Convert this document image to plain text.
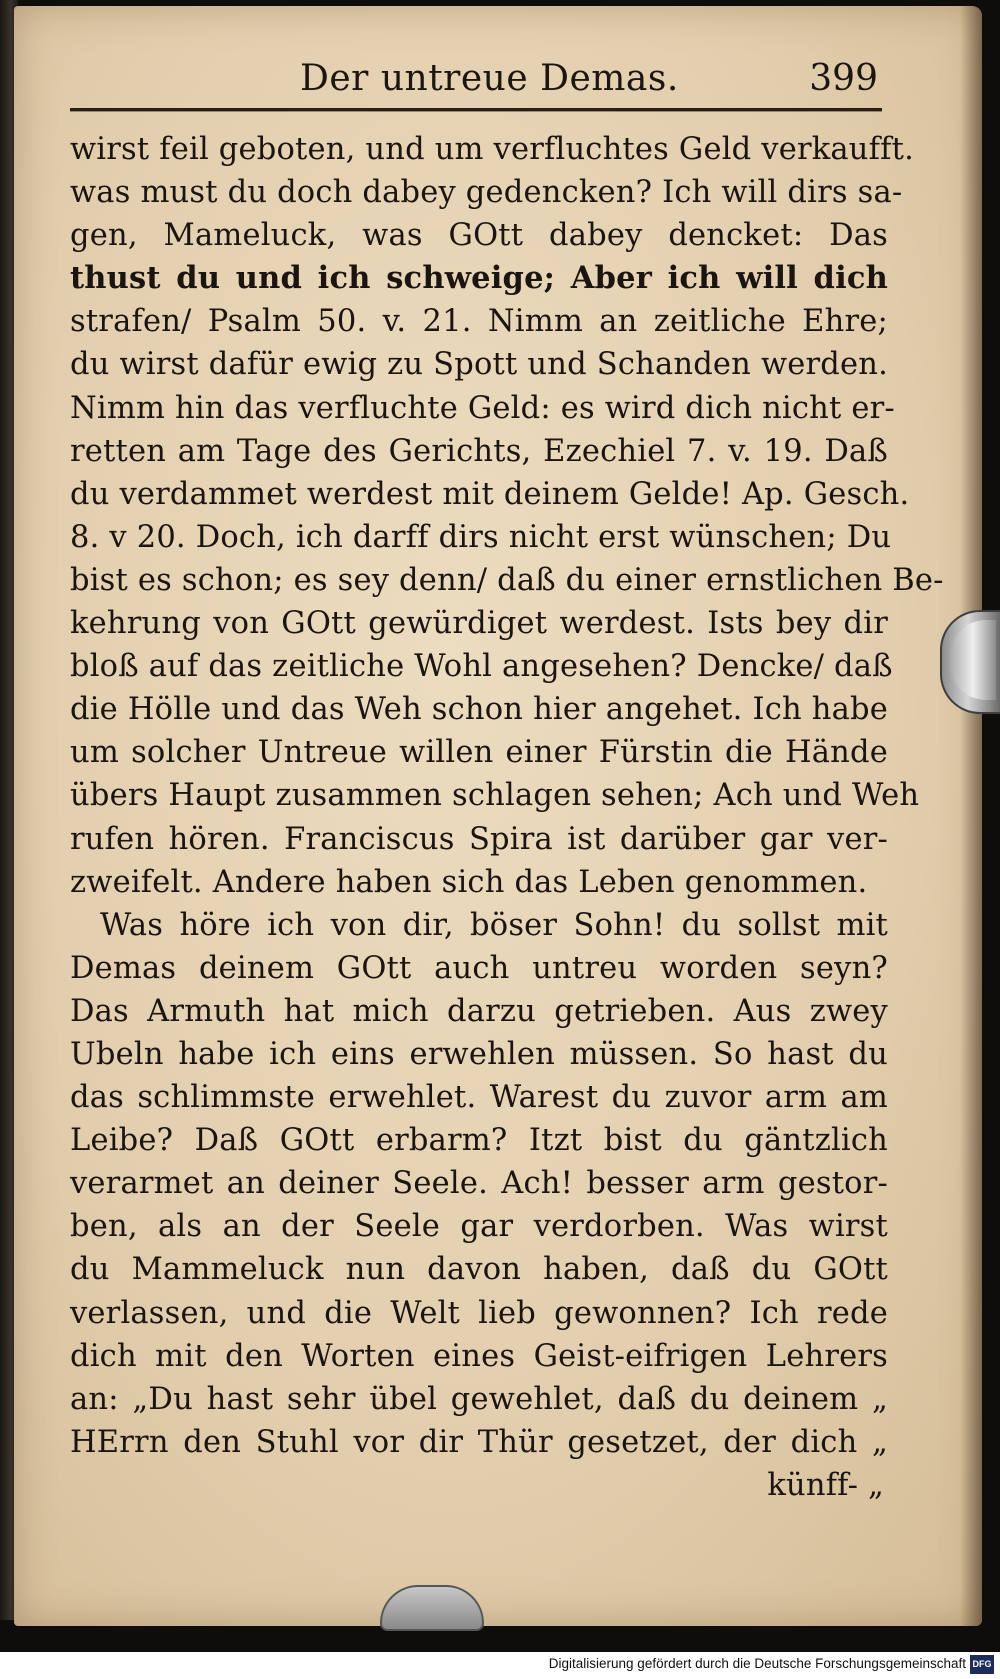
Der untreue Demas.	399
wirst feil geboten, und um verfluchtes Geld verkaufft.
was must du doch dabey gedencken? Ich will dirs sa-
gen, Mameluck, was GOtt dabey dencket: Das
thust du und ich schweige; Aber ich will dich
strafen/ Psalm 50. v. 21. Nimm an zeitliche Ehre;
du wirst dafür ewig zu Spott und Schanden werden.
Nimm hin das verfluchte Geld: es wird dich nicht er-
retten am Tage des Gerichts, Ezechiel 7. v. 19. Daß
du verdammet werdest mit deinem Gelde! Ap. Gesch.
8. v 20. Doch, ich darff dirs nicht erst wünschen; Du
bist es schon; es sey denn/ daß du einer ernstlichen Be-
kehrung von GOtt gewürdiget werdest. Ists bey dir
bloß auf das zeitliche Wohl angesehen? Dencke/ daß
die Hölle und das Weh schon hier angehet. Ich habe
um solcher Untreue willen einer Fürstin die Hände
übers Haupt zusammen schlagen sehen; Ach und Weh
rufen hören. Franciscus Spira ist darüber gar ver-
zweifelt. Andere haben sich das Leben genommen.
Was höre ich von dir, böser Sohn! du sollst mit
Demas deinem GOtt auch untreu worden seyn?
Das Armuth hat mich darzu getrieben. Aus zwey
Ubeln habe ich eins erwehlen müssen. So hast du
das schlimmste erwehlet. Warest du zuvor arm am
Leibe? Daß GOtt erbarm? Itzt bist du gäntzlich
verarmet an deiner Seele. Ach! besser arm gestor-
ben, als an der Seele gar verdorben. Was wirst
du Mammeluck nun davon haben, daß du GOtt
verlassen, und die Welt lieb gewonnen? Ich rede
dich mit den Worten eines Geist-eifrigen Lehrers
an: „Du hast sehr übel gewehlet, daß du deinem „
HErrn den Stuhl vor dir Thür gesetzet, der dich „
künff- „
Digitalisierung gefördert durch die Deutsche Forschungsgemeinschaft DFG
